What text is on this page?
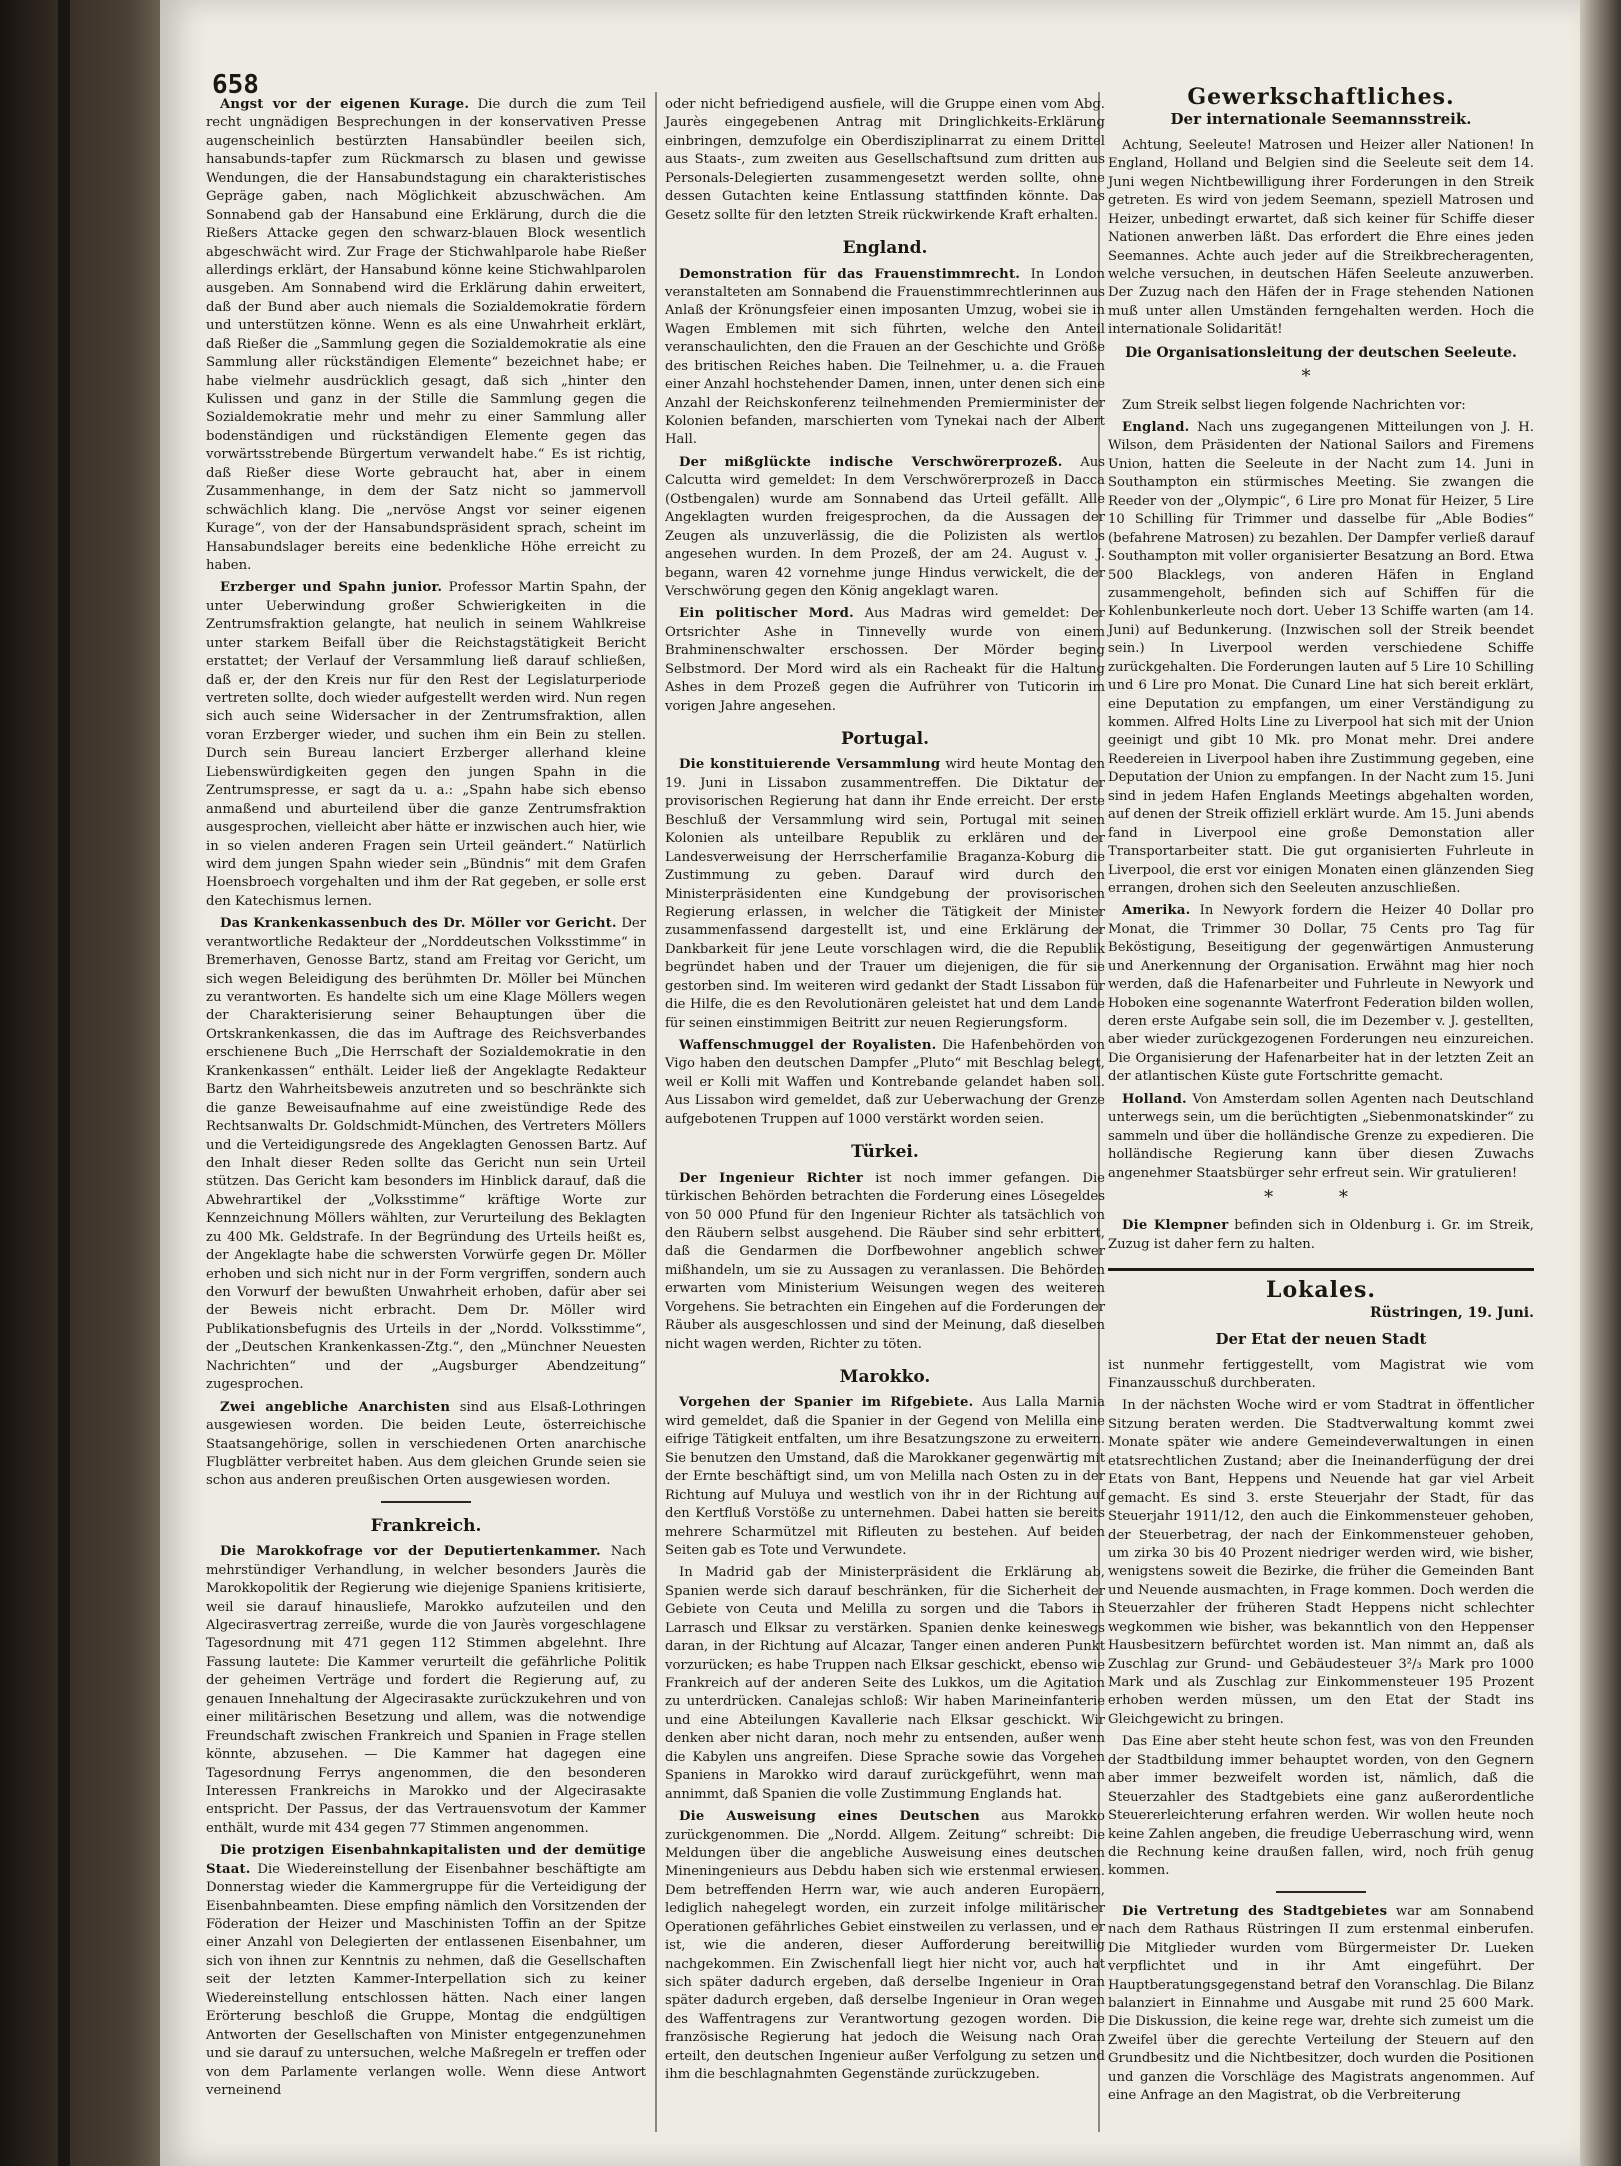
658

Angst vor der eigenen Kurage. Die durch die zum Teil recht ungnädigen Besprechungen in der konservativen Presse augenscheinlich bestürzten Hansabündler beeilen sich, hansabunds-tapfer zum Rückmarsch zu blasen und gewisse Wendungen, die der Hansabundstagung ein charakteristisches Gepräge gaben, nach Möglichkeit abzuschwächen. Am Sonnabend gab der Hansabund eine Erklärung, durch die die Rießers Attacke gegen den schwarz-blauen Block wesentlich abgeschwächt wird. Zur Frage der Stichwahlparole habe Rießer allerdings erklärt, der Hansabund könne keine Stichwahlparolen ausgeben. Am Sonnabend wird die Erklärung dahin erweitert, daß der Bund aber auch niemals die Sozialdemokratie fördern und unterstützen könne. Wenn es als eine Unwahrheit erklärt, daß Rießer die „Sammlung gegen die Sozialdemokratie als eine Sammlung aller rückständigen Elemente“ bezeichnet habe; er habe vielmehr ausdrücklich gesagt, daß sich „hinter den Kulissen und ganz in der Stille die Sammlung gegen die Sozialdemokratie mehr und mehr zu einer Sammlung aller bodenständigen und rückständigen Elemente gegen das vorwärtsstrebende Bürgertum verwandelt habe.“ Es ist richtig, daß Rießer diese Worte gebraucht hat, aber in einem Zusammenhange, in dem der Satz nicht so jammervoll schwächlich klang. Die „nervöse Angst vor seiner eigenen Kurage“, von der der Hansabundspräsident sprach, scheint im Hansabundslager bereits eine bedenkliche Höhe erreicht zu haben.

Erzberger und Spahn junior. Professor Martin Spahn, der unter Ueberwindung großer Schwierigkeiten in die Zentrumsfraktion gelangte, hat neulich in seinem Wahlkreise unter starkem Beifall über die Reichstagstätigkeit Bericht erstattet; der Verlauf der Versammlung ließ darauf schließen, daß er, der den Kreis nur für den Rest der Legislaturperiode vertreten sollte, doch wieder aufgestellt werden wird. Nun regen sich auch seine Widersacher in der Zentrumsfraktion, allen voran Erzberger wieder, und suchen ihm ein Bein zu stellen. Durch sein Bureau lanciert Erzberger allerhand kleine Liebenswürdigkeiten gegen den jungen Spahn in die Zentrumspresse, er sagt da u. a.: „Spahn habe sich ebenso anmaßend und aburteilend über die ganze Zentrumsfraktion ausgesprochen, vielleicht aber hätte er inzwischen auch hier, wie in so vielen anderen Fragen sein Urteil geändert.“ Natürlich wird dem jungen Spahn wieder sein „Bündnis“ mit dem Grafen Hoensbroech vorgehalten und ihm der Rat gegeben, er solle erst den Katechismus lernen.

Das Krankenkassenbuch des Dr. Möller vor Gericht. Der verantwortliche Redakteur der „Norddeutschen Volksstimme“ in Bremerhaven, Genosse Bartz, stand am Freitag vor Gericht, um sich wegen Beleidigung des berühmten Dr. Möller bei München zu verantworten. Es handelte sich um eine Klage Möllers wegen der Charakterisierung seiner Behauptungen über die Ortskrankenkassen, die das im Auftrage des Reichsverbandes erschienene Buch „Die Herrschaft der Sozialdemokratie in den Krankenkassen“ enthält. Leider ließ der Angeklagte Redakteur Bartz den Wahrheitsbeweis anzutreten und so beschränkte sich die ganze Beweisaufnahme auf eine zweistündige Rede des Rechtsanwalts Dr. Goldschmidt-München, des Vertreters Möllers und die Verteidigungsrede des Angeklagten Genossen Bartz. Auf den Inhalt dieser Reden sollte das Gericht nun sein Urteil stützen. Das Gericht kam besonders im Hinblick darauf, daß die Abwehrartikel der „Volksstimme“ kräftige Worte zur Kennzeichnung Möllers wählten, zur Verurteilung des Beklagten zu 400 Mk. Geldstrafe. In der Begründung des Urteils heißt es, der Angeklagte habe die schwersten Vorwürfe gegen Dr. Möller erhoben und sich nicht nur in der Form vergriffen, sondern auch den Vorwurf der bewußten Unwahrheit erhoben, dafür aber sei der Beweis nicht erbracht. Dem Dr. Möller wird Publikationsbefugnis des Urteils in der „Nordd. Volksstimme“, der „Deutschen Krankenkassen-Ztg.“, den „Münchner Neuesten Nachrichten“ und der „Augsburger Abendzeitung“ zugesprochen.

Zwei angebliche Anarchisten sind aus Elsaß-Lothringen ausgewiesen worden. Die beiden Leute, österreichische Staatsangehörige, sollen in verschiedenen Orten anarchische Flugblätter verbreitet haben. Aus dem gleichen Grunde seien sie schon aus anderen preußischen Orten ausgewiesen worden.

Frankreich.

Die Marokkofrage vor der Deputiertenkammer. Nach mehrstündiger Verhandlung, in welcher besonders Jaurès die Marokkopolitik der Regierung wie diejenige Spaniens kritisierte, weil sie darauf hinausliefe, Marokko aufzuteilen und den Algecirasvertrag zerreiße, wurde die von Jaurès vorgeschlagene Tagesordnung mit 471 gegen 112 Stimmen abgelehnt. Ihre Fassung lautete: Die Kammer verurteilt die gefährliche Politik der geheimen Verträge und fordert die Regierung auf, zu genauen Innehaltung der Algecirasakte zurückzukehren und von einer militärischen Besetzung und allem, was die notwendige Freundschaft zwischen Frankreich und Spanien in Frage stellen könnte, abzusehen. — Die Kammer hat dagegen eine Tagesordnung Ferrys angenommen, die den besonderen Interessen Frankreichs in Marokko und der Algecirasakte entspricht. Der Passus, der das Vertrauensvotum der Kammer enthält, wurde mit 434 gegen 77 Stimmen angenommen.

Die protzigen Eisenbahnkapitalisten und der demütige Staat. Die Wiedereinstellung der Eisenbahner beschäftigte am Donnerstag wieder die Kammergruppe für die Verteidigung der Eisenbahnbeamten. Diese empfing nämlich den Vorsitzenden der Föderation der Heizer und Maschinisten Toffin an der Spitze einer Anzahl von Delegierten der entlassenen Eisenbahner, um sich von ihnen zur Kenntnis zu nehmen, daß die Gesellschaften seit der letzten Kammer-Interpellation sich zu keiner Wiedereinstellung entschlossen hätten. Nach einer langen Erörterung beschloß die Gruppe, Montag die endgültigen Antworten der Gesellschaften von Minister entgegenzunehmen und sie darauf zu untersuchen, welche Maßregeln er treffen oder von dem Parlamente verlangen wolle. Wenn diese Antwort verneinend

oder nicht befriedigend ausfiele, will die Gruppe einen vom Abg. Jaurès eingegebenen Antrag mit Dringlichkeits-Erklärung einbringen, demzufolge ein Oberdisziplinarrat zu einem Drittel aus Staats-, zum zweiten aus Gesellschaftsund zum dritten aus Personals-Delegierten zusammengesetzt werden sollte, ohne dessen Gutachten keine Entlassung stattfinden könnte. Das Gesetz sollte für den letzten Streik rückwirkende Kraft erhalten.

England.

Demonstration für das Frauenstimmrecht. In London veranstalteten am Sonnabend die Frauenstimmrechtlerinnen aus Anlaß der Krönungsfeier einen imposanten Umzug, wobei sie in Wagen Emblemen mit sich führten, welche den Anteil veranschaulichten, den die Frauen an der Geschichte und Größe des britischen Reiches haben. Die Teilnehmer, u. a. die Frauen einer Anzahl hochstehender Damen, innen, unter denen sich eine Anzahl der Reichskonferenz teilnehmenden Premierminister der Kolonien befanden, marschierten vom Tynekai nach der Albert Hall.

Der mißglückte indische Verschwörerprozeß. Aus Calcutta wird gemeldet: In dem Verschwörerprozeß in Dacca (Ostbengalen) wurde am Sonnabend das Urteil gefällt. Alle Angeklagten wurden freigesprochen, da die Aussagen der Zeugen als unzuverlässig, die die Polizisten als wertlos angesehen wurden. In dem Prozeß, der am 24. August v. J. begann, waren 42 vornehme junge Hindus verwickelt, die der Verschwörung gegen den König angeklagt waren.

Ein politischer Mord. Aus Madras wird gemeldet: Der Ortsrichter Ashe in Tinnevelly wurde von einem Brahminenschwalter erschossen. Der Mörder beging Selbstmord. Der Mord wird als ein Racheakt für die Haltung Ashes in dem Prozeß gegen die Aufrührer von Tuticorin im vorigen Jahre angesehen.

Portugal.

Die konstituierende Versammlung wird heute Montag den 19. Juni in Lissabon zusammentreffen. Die Diktatur der provisorischen Regierung hat dann ihr Ende erreicht. Der erste Beschluß der Versammlung wird sein, Portugal mit seinen Kolonien als unteilbare Republik zu erklären und der Landesverweisung der Herrscherfamilie Braganza-Koburg die Zustimmung zu geben. Darauf wird durch den Ministerpräsidenten eine Kundgebung der provisorischen Regierung erlassen, in welcher die Tätigkeit der Minister zusammenfassend dargestellt ist, und eine Erklärung der Dankbarkeit für jene Leute vorschlagen wird, die die Republik begründet haben und der Trauer um diejenigen, die für sie gestorben sind. Im weiteren wird gedankt der Stadt Lissabon für die Hilfe, die es den Revolutionären geleistet hat und dem Lande für seinen einstimmigen Beitritt zur neuen Regierungsform.

Waffenschmuggel der Royalisten. Die Hafenbehörden von Vigo haben den deutschen Dampfer „Pluto“ mit Beschlag belegt, weil er Kolli mit Waffen und Kontrebande gelandet haben soll. Aus Lissabon wird gemeldet, daß zur Ueberwachung der Grenze aufgebotenen Truppen auf 1000 verstärkt worden seien.

Türkei.

Der Ingenieur Richter ist noch immer gefangen. Die türkischen Behörden betrachten die Forderung eines Lösegeldes von 50 000 Pfund für den Ingenieur Richter als tatsächlich von den Räubern selbst ausgehend. Die Räuber sind sehr erbittert, daß die Gendarmen die Dorfbewohner angeblich schwer mißhandeln, um sie zu Aussagen zu veranlassen. Die Behörden erwarten vom Ministerium Weisungen wegen des weiteren Vorgehens. Sie betrachten ein Eingehen auf die Forderungen der Räuber als ausgeschlossen und sind der Meinung, daß dieselben nicht wagen werden, Richter zu töten.

Marokko.

Vorgehen der Spanier im Rifgebiete. Aus Lalla Marnia wird gemeldet, daß die Spanier in der Gegend von Melilla eine eifrige Tätigkeit entfalten, um ihre Besatzungszone zu erweitern. Sie benutzen den Umstand, daß die Marokkaner gegenwärtig mit der Ernte beschäftigt sind, um von Melilla nach Osten zu in der Richtung auf Muluya und westlich von ihr in der Richtung auf den Kertfluß Vorstöße zu unternehmen. Dabei hatten sie bereits mehrere Scharmützel mit Rifleuten zu bestehen. Auf beiden Seiten gab es Tote und Verwundete.

In Madrid gab der Ministerpräsident die Erklärung ab, Spanien werde sich darauf beschränken, für die Sicherheit der Gebiete von Ceuta und Melilla zu sorgen und die Tabors in Larrasch und Elksar zu verstärken. Spanien denke keineswegs daran, in der Richtung auf Alcazar, Tanger einen anderen Punkt vorzurücken; es habe Truppen nach Elksar geschickt, ebenso wie Frankreich auf der anderen Seite des Lukkos, um die Agitation zu unterdrücken. Canalejas schloß: Wir haben Marineinfanterie und eine Abteilungen Kavallerie nach Elksar geschickt. Wir denken aber nicht daran, noch mehr zu entsenden, außer wenn die Kabylen uns angreifen. Diese Sprache sowie das Vorgehen Spaniens in Marokko wird darauf zurückgeführt, wenn man annimmt, daß Spanien die volle Zustimmung Englands hat.

Die Ausweisung eines Deutschen aus Marokko zurückgenommen. Die „Nordd. Allgem. Zeitung“ schreibt: Die Meldungen über die angebliche Ausweisung eines deutschen Mineningenieurs aus Debdu haben sich wie erstenmal erwiesen. Dem betreffenden Herrn war, wie auch anderen Europäern, lediglich nahegelegt worden, ein zurzeit infolge militärischer Operationen gefährliches Gebiet einstweilen zu verlassen, und er ist, wie die anderen, dieser Aufforderung bereitwillig nachgekommen. Ein Zwischenfall liegt hier nicht vor, auch hat sich später dadurch ergeben, daß derselbe Ingenieur in Oran später dadurch ergeben, daß derselbe Ingenieur in Oran wegen des Waffentragens zur Verantwortung gezogen worden. Die französische Regierung hat jedoch die Weisung nach Oran erteilt, den deutschen Ingenieur außer Verfolgung zu setzen und ihm die beschlagnahmten Gegenstände zurückzugeben.

Gewerkschaftliches.
Der internationale Seemannsstreik.

Achtung, Seeleute! Matrosen und Heizer aller Nationen! In England, Holland und Belgien sind die Seeleute seit dem 14. Juni wegen Nichtbewilligung ihrer Forderungen in den Streik getreten. Es wird von jedem Seemann, speziell Matrosen und Heizer, unbedingt erwartet, daß sich keiner für Schiffe dieser Nationen anwerben läßt. Das erfordert die Ehre eines jeden Seemannes. Achte auch jeder auf die Streikbrecheragenten, welche versuchen, in deutschen Häfen Seeleute anzuwerben. Der Zuzug nach den Häfen der in Frage stehenden Nationen muß unter allen Umständen ferngehalten werden. Hoch die internationale Solidarität!

Die Organisationsleitung der deutschen Seeleute.
*

Zum Streik selbst liegen folgende Nachrichten vor:

England. Nach uns zugegangenen Mitteilungen von J. H. Wilson, dem Präsidenten der National Sailors and Firemens Union, hatten die Seeleute in der Nacht zum 14. Juni in Southampton ein stürmisches Meeting. Sie zwangen die Reeder von der „Olympic“, 6 Lire pro Monat für Heizer, 5 Lire 10 Schilling für Trimmer und dasselbe für „Able Bodies“ (befahrene Matrosen) zu bezahlen. Der Dampfer verließ darauf Southampton mit voller organisierter Besatzung an Bord. Etwa 500 Blacklegs, von anderen Häfen in England zusammengeholt, befinden sich auf Schiffen für die Kohlenbunkerleute noch dort. Ueber 13 Schiffe warten (am 14. Juni) auf Bedunkerung. (Inzwischen soll der Streik beendet sein.) In Liverpool werden verschiedene Schiffe zurückgehalten. Die Forderungen lauten auf 5 Lire 10 Schilling und 6 Lire pro Monat. Die Cunard Line hat sich bereit erklärt, eine Deputation zu empfangen, um einer Verständigung zu kommen. Alfred Holts Line zu Liverpool hat sich mit der Union geeinigt und gibt 10 Mk. pro Monat mehr. Drei andere Reedereien in Liverpool haben ihre Zustimmung gegeben, eine Deputation der Union zu empfangen. In der Nacht zum 15. Juni sind in jedem Hafen Englands Meetings abgehalten worden, auf denen der Streik offiziell erklärt wurde. Am 15. Juni abends fand in Liverpool eine große Demonstation aller Transportarbeiter statt. Die gut organisierten Fuhrleute in Liverpool, die erst vor einigen Monaten einen glänzenden Sieg errangen, drohen sich den Seeleuten anzuschließen.

Amerika. In Newyork fordern die Heizer 40 Dollar pro Monat, die Trimmer 30 Dollar, 75 Cents pro Tag für Beköstigung, Beseitigung der gegenwärtigen Anmusterung und Anerkennung der Organisation. Erwähnt mag hier noch werden, daß die Hafenarbeiter und Fuhrleute in Newyork und Hoboken eine sogenannte Waterfront Federation bilden wollen, deren erste Aufgabe sein soll, die im Dezember v. J. gestellten, aber wieder zurückgezogenen Forderungen neu einzureichen. Die Organisierung der Hafenarbeiter hat in der letzten Zeit an der atlantischen Küste gute Fortschritte gemacht.

Holland. Von Amsterdam sollen Agenten nach Deutschland unterwegs sein, um die berüchtigten „Siebenmonatskinder“ zu sammeln und über die holländische Grenze zu expedieren. Die holländische Regierung kann über diesen Zuwachs angenehmer Staatsbürger sehr erfreut sein. Wir gratulieren!

* *

Die Klempner befinden sich in Oldenburg i. Gr. im Streik, Zuzug ist daher fern zu halten.

Lokales.
Rüstringen, 19. Juni.
Der Etat der neuen Stadt

ist nunmehr fertiggestellt, vom Magistrat wie vom Finanzausschuß durchberaten.

In der nächsten Woche wird er vom Stadtrat in öffentlicher Sitzung beraten werden. Die Stadtverwaltung kommt zwei Monate später wie andere Gemeindeverwaltungen in einen etatsrechtlichen Zustand; aber die Ineinanderfügung der drei Etats von Bant, Heppens und Neuende hat gar viel Arbeit gemacht. Es sind 3. erste Steuerjahr der Stadt, für das Steuerjahr 1911/12, den auch die Einkommensteuer gehoben, der Steuerbetrag, der nach der Einkommensteuer gehoben, um zirka 30 bis 40 Prozent niedriger werden wird, wie bisher, wenigstens soweit die Bezirke, die früher die Gemeinden Bant und Neuende ausmachten, in Frage kommen. Doch werden die Steuerzahler der früheren Stadt Heppens nicht schlechter wegkommen wie bisher, was bekanntlich von den Heppenser Hausbesitzern befürchtet worden ist. Man nimmt an, daß als Zuschlag zur Grund- und Gebäudesteuer 3²/₃ Mark pro 1000 Mark und als Zuschlag zur Einkommensteuer 195 Prozent erhoben werden müssen, um den Etat der Stadt ins Gleichgewicht zu bringen.

Das Eine aber steht heute schon fest, was von den Freunden der Stadtbildung immer behauptet worden, von den Gegnern aber immer bezweifelt worden ist, nämlich, daß die Steuerzahler des Stadtgebiets eine ganz außerordentliche Steuererleichterung erfahren werden. Wir wollen heute noch keine Zahlen angeben, die freudige Ueberraschung wird, wenn die Rechnung keine draußen fallen, wird, noch früh genug kommen.

Die Vertretung des Stadtgebietes war am Sonnabend nach dem Rathaus Rüstringen II zum erstenmal einberufen. Die Mitglieder wurden vom Bürgermeister Dr. Lueken verpflichtet und in ihr Amt eingeführt. Der Hauptberatungsgegenstand betraf den Voranschlag. Die Bilanz balanziert in Einnahme und Ausgabe mit rund 25 600 Mark. Die Diskussion, die keine rege war, drehte sich zumeist um die Zweifel über die gerechte Verteilung der Steuern auf den Grundbesitz und die Nichtbesitzer, doch wurden die Positionen und ganzen die Vorschläge des Magistrats angenommen. Auf eine Anfrage an den Magistrat, ob die Verbreiterung
